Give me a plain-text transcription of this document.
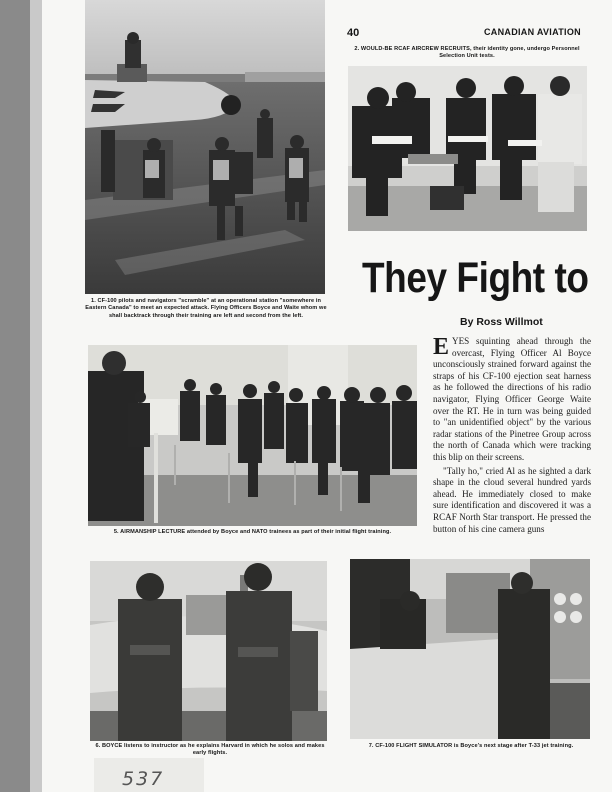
40	CANADIAN AVIATION
1. CF-100 pilots and navigators "scramble" at an operational station "somewhere in Eastern Canada" to meet an expected attack. Flying Officers Boyce and Waite whom we shall backtrack through their training are left and second from the left.
2. WOULD-BE RCAF AIRCREW RECRUITS, their identity gone, undergo Personnel Selection Unit tests.
They Fight to
By Ross Willmot

EYES squinting ahead through the overcast, Flying Officer Al Boyce unconsciously strained forward against the straps of his CF-100 ejection seat harness as he followed the directions of his radio navigator, Flying Officer George Waite over the RT. He in turn was being guided to "an unidentified object" by the various radar stations of the Pinetree Group across the north of Canada which were tracking this blip on their screens.

"Tally ho," cried Al as he sighted a dark shape in the cloud several hundred yards ahead. He immediately closed to make sure identification and discovered it was a RCAF North Star transport. He pressed the button of his cine camera guns

5. AIRMANSHIP LECTURE attended by Boyce and NATO trainees as part of their initial flight training.
6. BOYCE listens to instructor as he explains Harvard in which he solos and makes early flights.
7. CF-100 FLIGHT SIMULATOR is Boyce's next stage after T-33 jet training.
537
